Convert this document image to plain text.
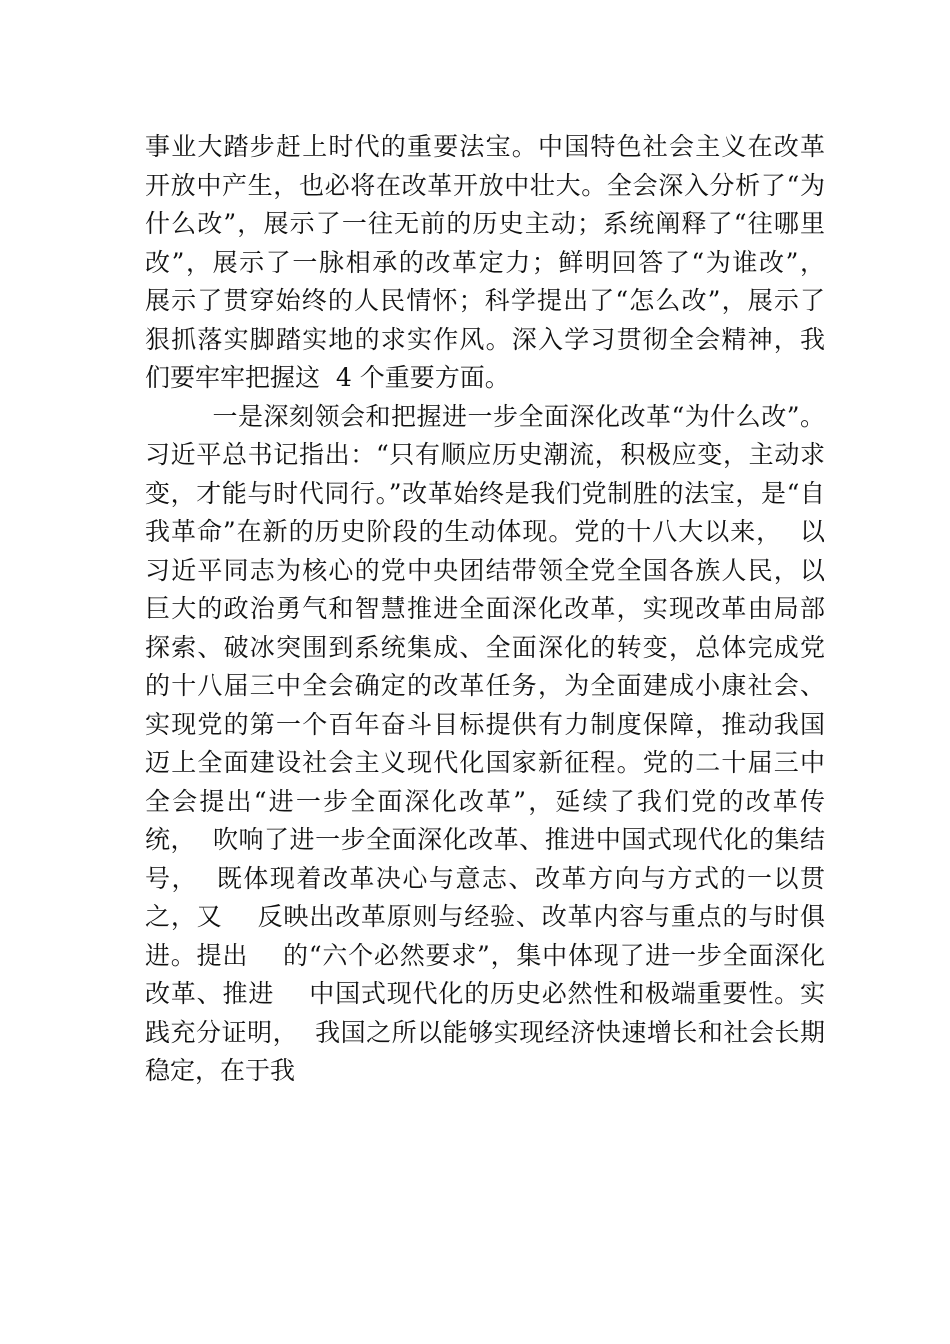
事业大踏步赶上时代的重要法宝。中国特色社会主义在改革
开放中产生，也必将在改革开放中壮大。全会深入分析了“为
什么改”，展示了一往无前的历史主动；系统阐释了“往哪里
改”，展示了一脉相承的改革定力；鲜明回答了“为谁改”，
展示了贯穿始终的人民情怀；科学提出了“怎么改”，展示了
狠抓落实脚踏实地的求实作风。深入学习贯彻全会精神，我
们要牢牢把握这  4 个重要方面。
一是深刻领会和把握进一步全面深化改革“为什么改”。
习近平总书记指出：“只有顺应历史潮流，积极应变，主动求
变，才能与时代同行。”改革始终是我们党制胜的法宝，是“自
我革命”在新的历史阶段的生动体现。党的十八大以来，  以
习近平同志为核心的党中央团结带领全党全国各族人民，以
巨大的政治勇气和智慧推进全面深化改革，实现改革由局部
探索、破冰突围到系统集成、全面深化的转变，总体完成党
的十八届三中全会确定的改革任务，为全面建成小康社会、
实现党的第一个百年奋斗目标提供有力制度保障，推动我国
迈上全面建设社会主义现代化国家新征程。党的二十届三中
全会提出“进一步全面深化改革”，延续了我们党的改革传
统，  吹响了进一步全面深化改革、推进中国式现代化的集结
号，  既体现着改革决心与意志、改革方向与方式的一以贯
之，又    反映出改革原则与经验、改革内容与重点的与时俱
进。提出    的“六个必然要求”，集中体现了进一步全面深化
改革、推进    中国式现代化的历史必然性和极端重要性。实
践充分证明，  我国之所以能够实现经济快速增长和社会长期
稳定，在于我
